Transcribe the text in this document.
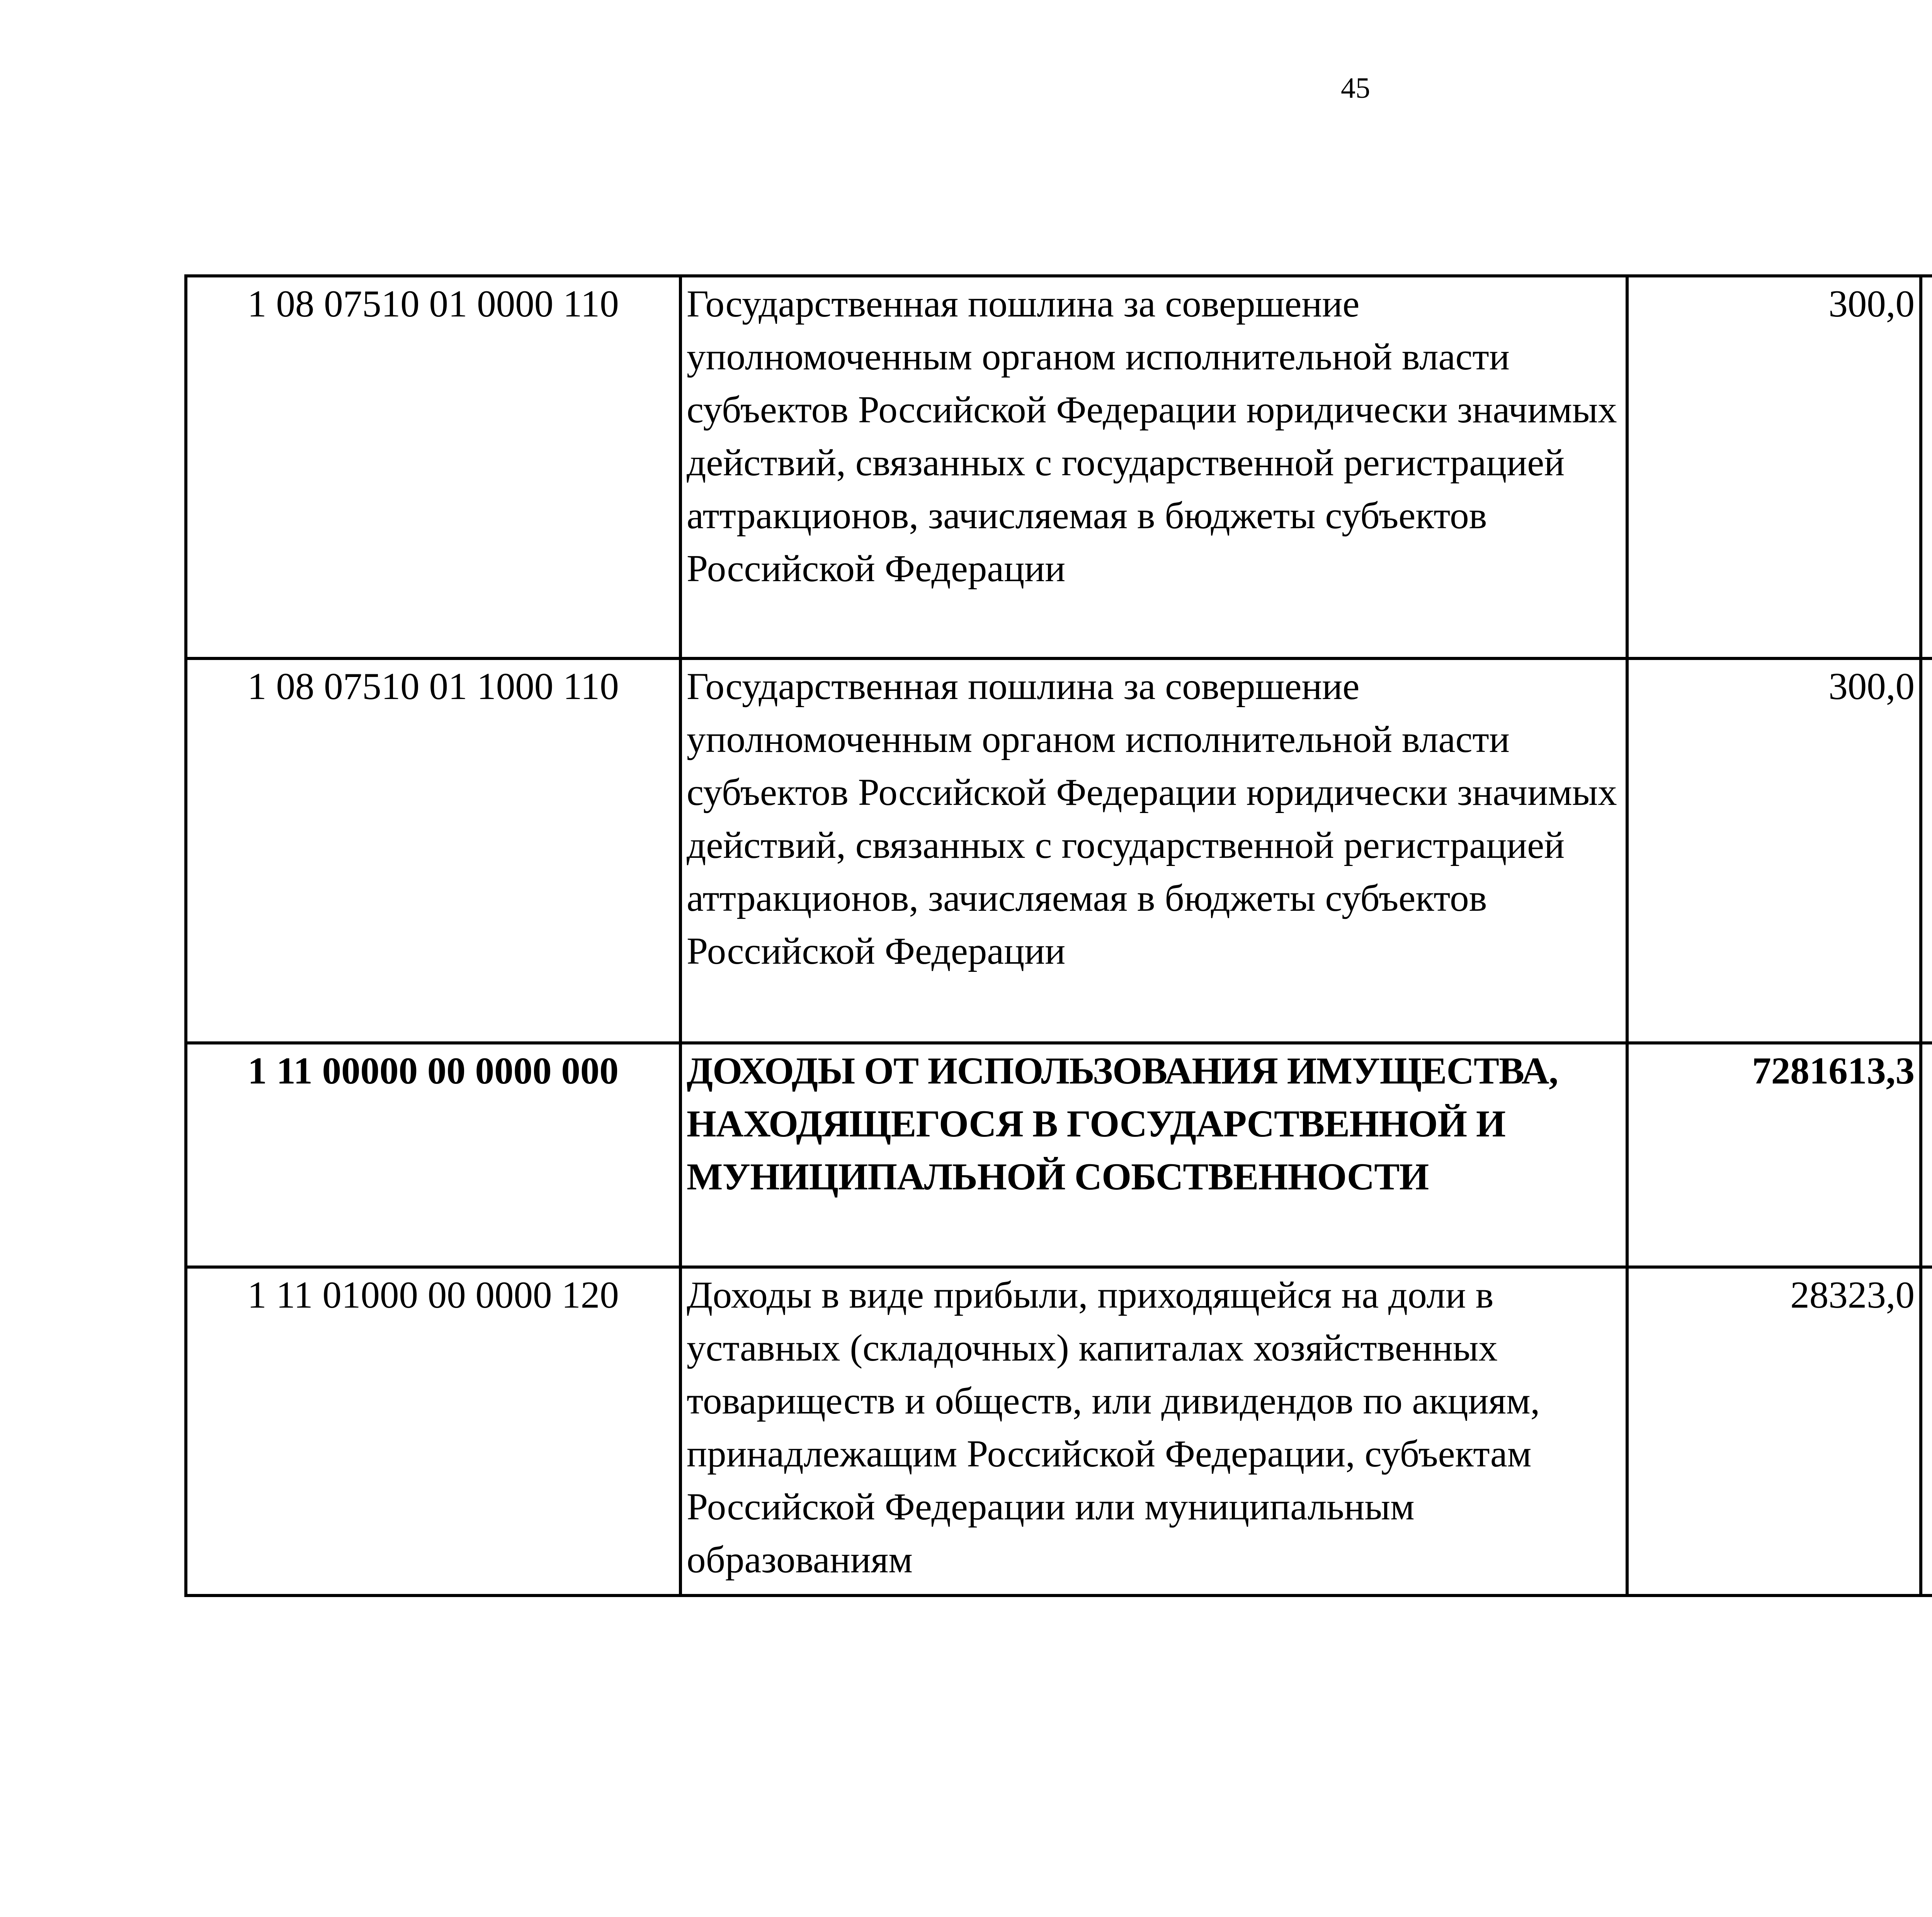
45
1 08 07510 01 0000 110	Государственная пошлина за совершение уполномоченным органом исполнительной власти субъектов Российской Федерации юридически значимых действий, связанных с государственной регистрацией аттракционов, зачисляемая в бюджеты субъектов Российской Федерации	300,0		
1 08 07510 01 1000 110	Государственная пошлина за совершение уполномоченным органом исполнительной власти субъектов Российской Федерации юридически значимых действий, связанных с государственной регистрацией аттракционов, зачисляемая в бюджеты субъектов Российской Федерации	300,0		
1 11 00000 00 0000 000	ДОХОДЫ ОТ ИСПОЛЬЗОВАНИЯ ИМУЩЕСТВА, НАХОДЯЩЕГОСЯ В ГОСУДАРСТВЕННОЙ И МУНИЦИПАЛЬНОЙ СОБСТВЕННОСТИ	7281613,3		
1 11 01000 00 0000 120	Доходы в виде прибыли, приходящейся на доли в уставных (складочных) капиталах хозяйственных товариществ и обществ, или дивидендов по акциям, принадлежащим Российской Федерации, субъектам Российской Федерации или муниципальным образованиям	28323,0		
